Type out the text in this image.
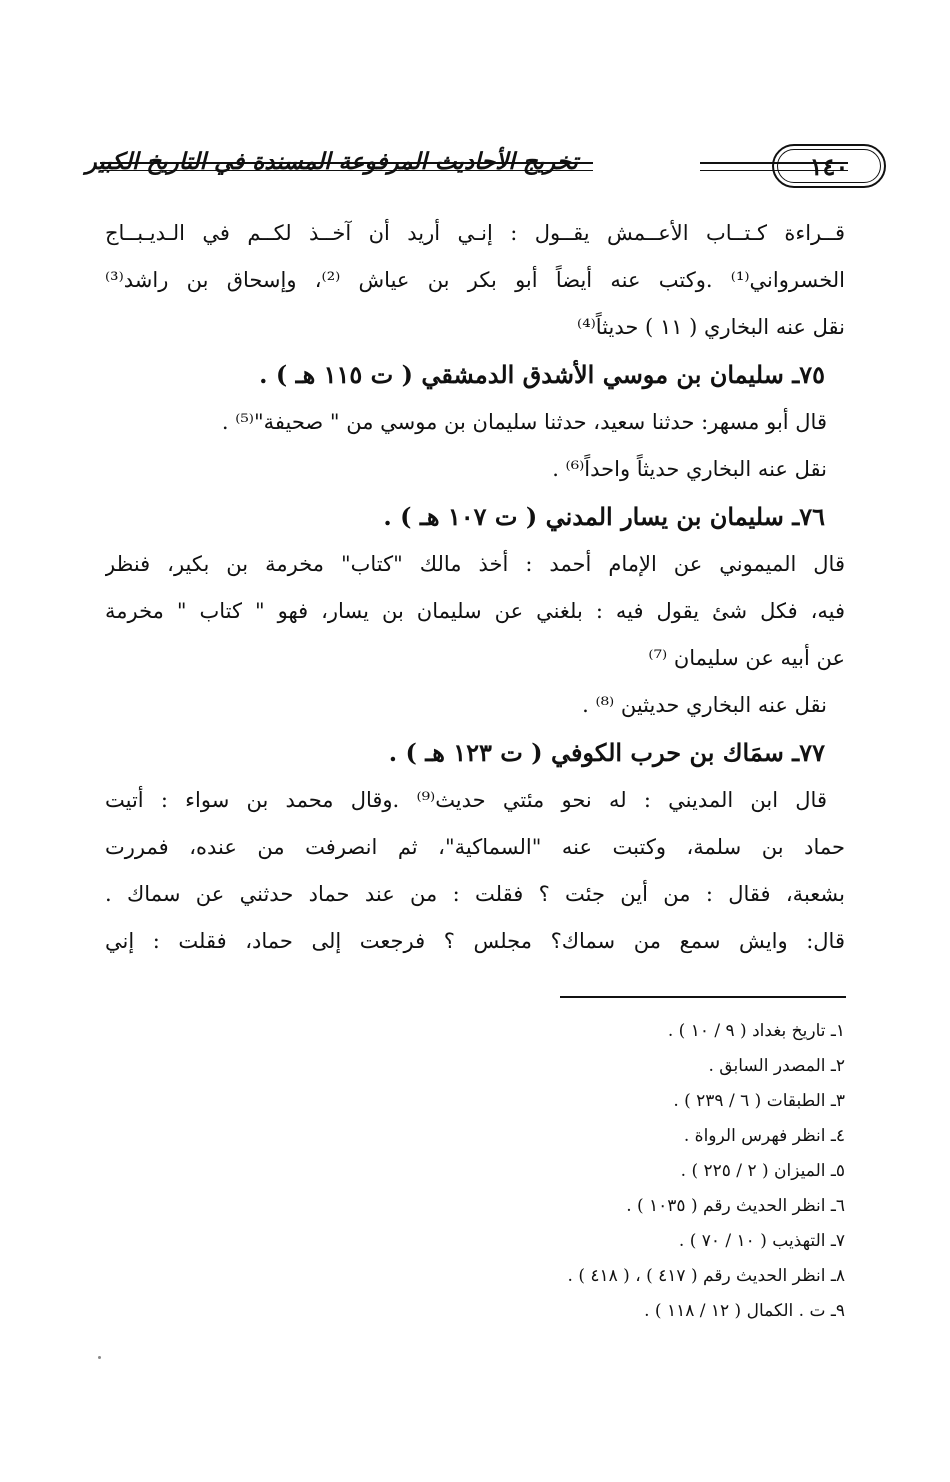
تخريج الأحاديث المرفوعة المسندة في التاريخ الكبير	١٤٠
قــراءة كـتــاب الأعــمش يقــول : إنـي أريد أن آخــذ لكــم في الـديـبــاج
الخسرواني⁽¹⁾ .وكتب عنه أيضاً أبو بكر بن عياش ⁽²⁾، وإسحاق بن راشد⁽³⁾
نقل عنه البخاري ( ١١ ) حديثاً⁽⁴⁾
٧٥ـ سليمان بن موسي الأشدق الدمشقي ( ت ١١٥ هـ ) .
قال أبو مسهر: حدثنا سعيد، حدثنا سليمان بن موسي من " صحيفة"⁽⁵⁾ .
نقل عنه البخاري حديثاً واحداً⁽⁶⁾ .
٧٦ـ سليمان بن يسار المدني ( ت ١٠٧ هـ ) .
قال الميموني عن الإمام أحمد : أخذ مالك "كتاب" مخرمة بن بكير، فنظر
فيه، فكل شئ يقول فيه : بلغني عن سليمان بن يسار، فهو " كتاب " مخرمة
عن أبيه عن سليمان ⁽⁷⁾
نقل عنه البخاري حديثين ⁽⁸⁾ .
٧٧ـ سمَاك بن حرب الكوفي ( ت ١٢٣ هـ ) .
قال ابن المديني : له نحو مئتي حديث⁽⁹⁾ .وقال محمد بن سواء : أتيت
حماد بن سلمة، وكتبت عنه "السماكية"، ثم انصرفت من عنده، فمررت
بشعبة، فقال : من أين جئت ؟ فقلت : من عند حماد حدثني عن سماك .
قال: وايش سمع من سماك؟ مجلس ؟ فرجعت إلى حماد، فقلت : إني
١ـ تاريخ بغداد ( ٩ / ١٠ ) .
٢ـ المصدر السابق .
٣ـ الطبقات ( ٦ / ٢٣٩ ) .
٤ـ انظر فهرس الرواة .
٥ـ الميزان ( ٢ / ٢٢٥ ) .
٦ـ انظر الحديث رقم ( ١٠٣٥ ) .
٧ـ التهذيب ( ١٠ / ٧٠ ) .
٨ـ انظر الحديث رقم ( ٤١٧ ) ، ( ٤١٨ ) .
٩ـ ت . الكمال ( ١٢ / ١١٨ ) .
